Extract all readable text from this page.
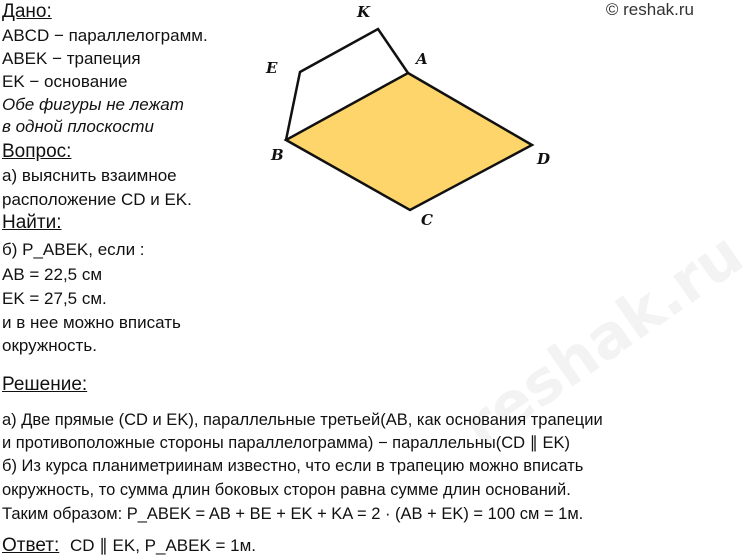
© reshak.ru
reshak.ru
Дано:
ABCD − параллелограмм.
ABEK − трапеция
EK − основание
Обе фигуры не лежат
в одной плоскости
Вопрос:
а) выяснить взаимное
расположение CD и EK.
Найти:
б) P_ABEK, если :
AB = 22,5 см
EK = 27,5 см.
и в нее можно вписать
окружность.
K
A
E
B	D
C
Решение:
а) Две прямые (CD и EK), параллельные третьей(AB, как основания трапеции
и противоположные стороны параллелограмма) − параллельны(CD ∥ EK)
б) Из курса планиметриинам известно, что если в трапецию можно вписать
окружность, то сумма длин боковых сторон равна сумме длин оснований.
Таким образом: P_ABEK = AB + BE + EK + KA = 2 · (AB + EK) = 100 см = 1м.
Ответ: CD ∥ EK, P_ABEK = 1м.
